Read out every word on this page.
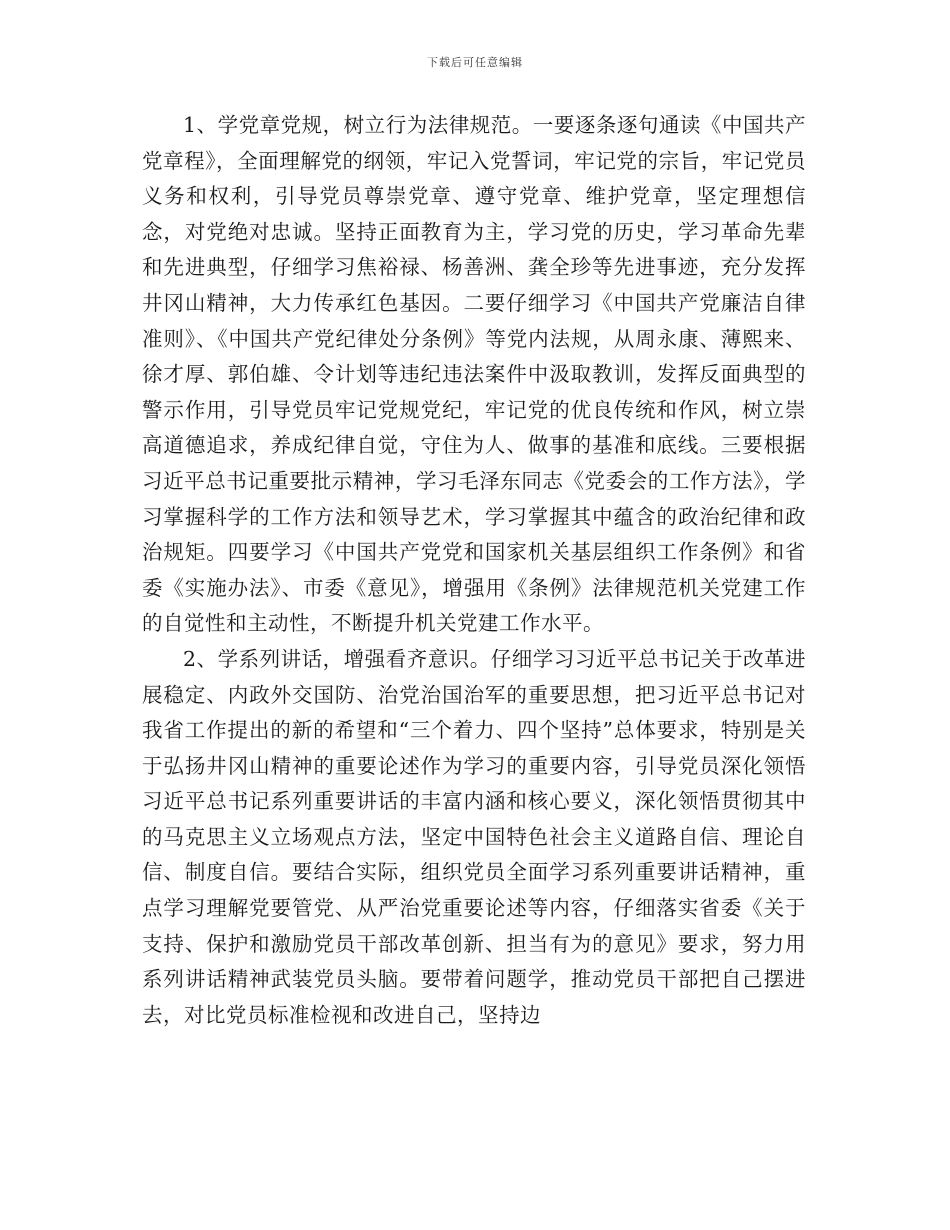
下载后可任意编辑

1、学党章党规，树立行为法律规范。一要逐条逐句通读《中国共产党章程》，全面理解党的纲领，牢记入党誓词，牢记党的宗旨，牢记党员义务和权利，引导党员尊崇党章、遵守党章、维护党章，坚定理想信念，对党绝对忠诚。坚持正面教育为主，学习党的历史，学习革命先辈和先进典型，仔细学习焦裕禄、杨善洲、龚全珍等先进事迹，充分发挥井冈山精神，大力传承红色基因。二要仔细学习《中国共产党廉洁自律准则》、《中国共产党纪律处分条例》等党内法规，从周永康、薄熙来、徐才厚、郭伯雄、令计划等违纪违法案件中汲取教训，发挥反面典型的警示作用，引导党员牢记党规党纪，牢记党的优良传统和作风，树立崇高道德追求，养成纪律自觉，守住为人、做事的基准和底线。三要根据习近平总书记重要批示精神，学习毛泽东同志《党委会的工作方法》，学习掌握科学的工作方法和领导艺术，学习掌握其中蕴含的政治纪律和政治规矩。四要学习《中国共产党党和国家机关基层组织工作条例》和省委《实施办法》、市委《意见》，增强用《条例》法律规范机关党建工作的自觉性和主动性，不断提升机关党建工作水平。

2、学系列讲话，增强看齐意识。仔细学习习近平总书记关于改革进展稳定、内政外交国防、治党治国治军的重要思想，把习近平总书记对我省工作提出的新的希望和“三个着力、四个坚持”总体要求，特别是关于弘扬井冈山精神的重要论述作为学习的重要内容，引导党员深化领悟习近平总书记系列重要讲话的丰富内涵和核心要义，深化领悟贯彻其中的马克思主义立场观点方法，坚定中国特色社会主义道路自信、理论自信、制度自信。要结合实际，组织党员全面学习系列重要讲话精神，重点学习理解党要管党、从严治党重要论述等内容，仔细落实省委《关于支持、保护和激励党员干部改革创新、担当有为的意见》要求，努力用系列讲话精神武装党员头脑。要带着问题学，推动党员干部把自己摆进去，对比党员标准检视和改进自己，坚持边
